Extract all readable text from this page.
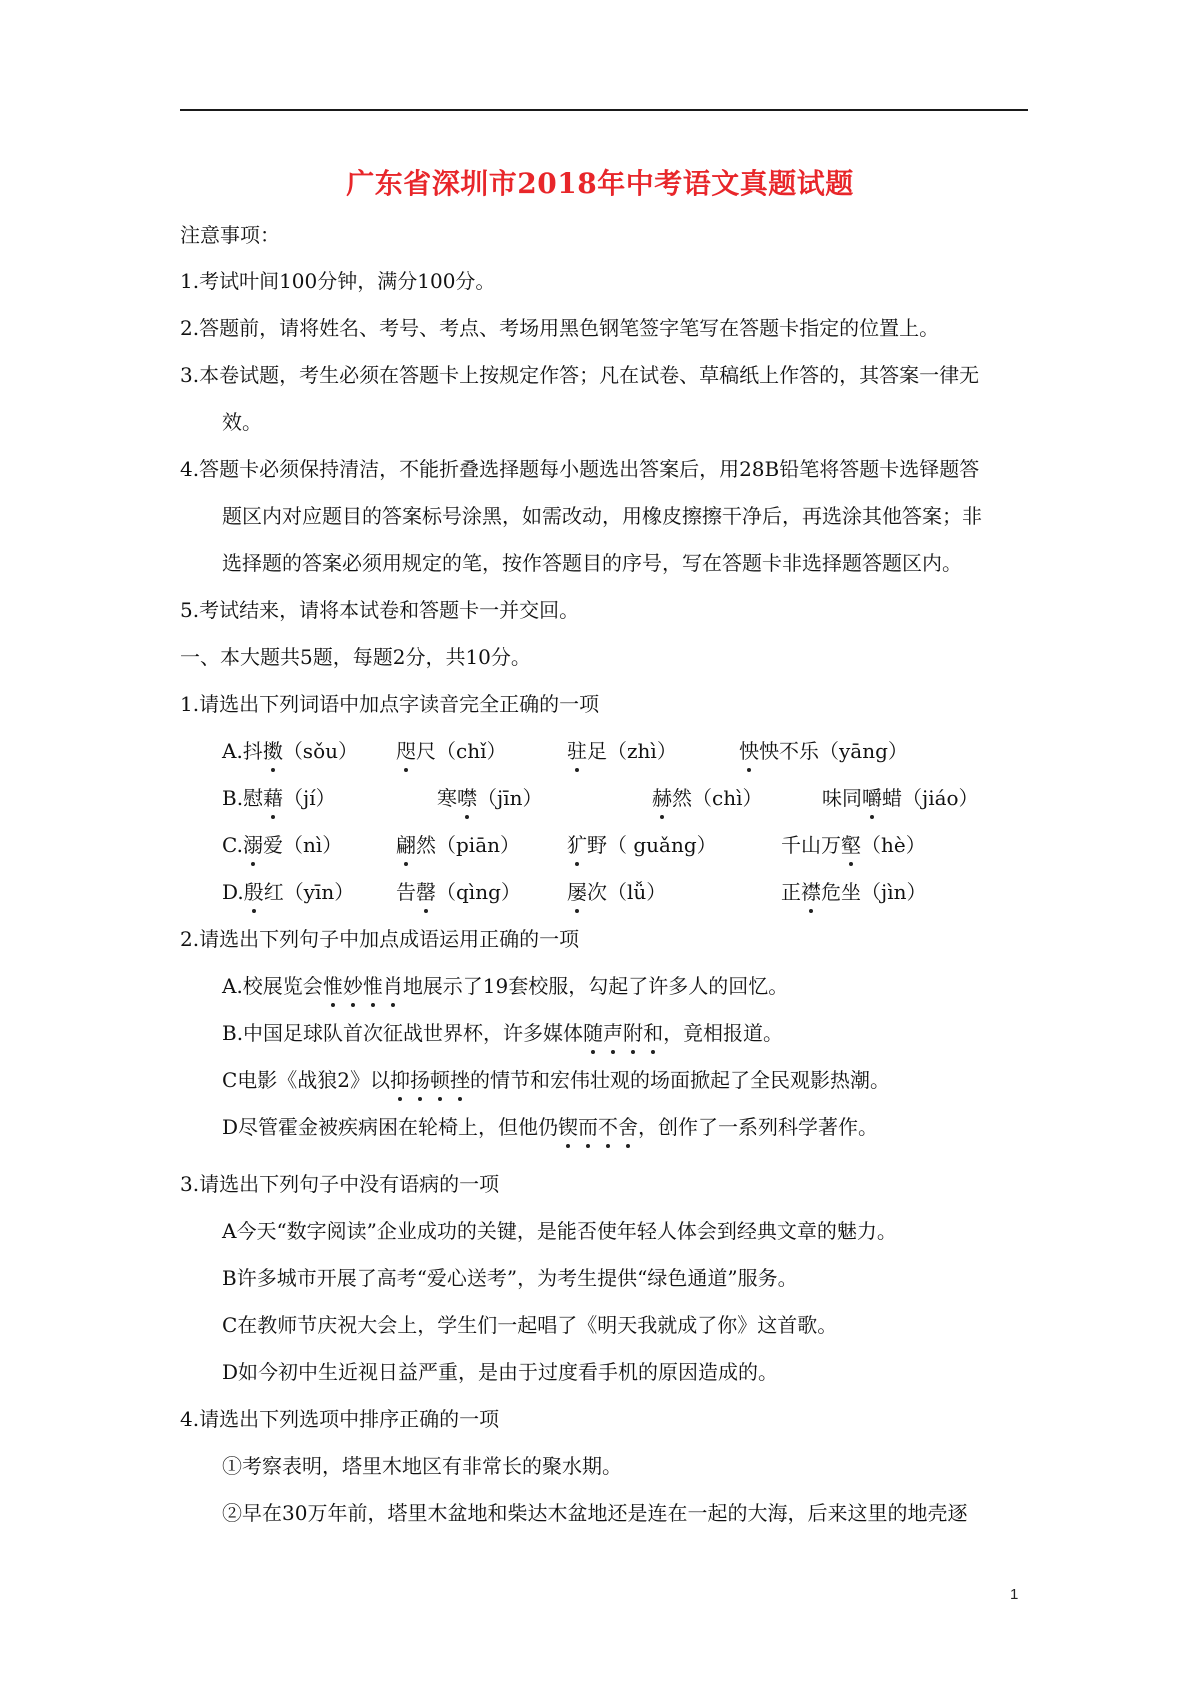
广东省深圳市2018年中考语文真题试题
注意事项：
1.考试叶间100分钟，满分100分。
2.答题前，请将姓名、考号、考点、考场用黑色钢笔签字笔写在答题卡指定的位置上。
3.本卷试题，考生必须在答题卡上按规定作答；凡在试卷、草稿纸上作答的，其答案一律无
效。
4.答题卡必须保持清洁，不能折叠选择题每小题选出答案后，用28B铅笔将答题卡选铎题答
题区内对应题目的答案标号涂黑，如需改动，用橡皮擦擦干净后，再选涂其他答案；非
选择题的答案必须用规定的笔，按作答题目的序号，写在答题卡非选择题答题区内。
5.考试结来，请将本试卷和答题卡一并交回。
一、本大题共5题，每题2分，共10分。
1.请选出下列词语中加点字读音完全正确的一项
A.抖擞（sǒu） 咫尺（chǐ）	驻足（zhì）	怏怏不乐（yāng）
B.慰藉（jí）	寒噤（jīn）	赫然（chì）	味同嚼蜡（jiáo）
C.溺爱（nì）	翩然（piān） 犷野（ guǎng）	千山万壑（hè）
D.殷红（yīn） 告罄（qìng） 屡次（lǚ）	正襟危坐（jìn）
2.请选出下列句子中加点成语运用正确的一项
A.校展览会惟妙惟肖地展示了19套校服，勾起了许多人的回忆。
B.中国足球队首次征战世界杯，许多媒体随声附和，竟相报道。
C电影《战狼2》以抑扬顿挫的情节和宏伟壮观的场面掀起了全民观影热潮。
D尽管霍金被疾病困在轮椅上，但他仍锲而不舍，创作了一系列科学著作。
3.请选出下列句子中没有语病的一项
A今天“数字阅读”企业成功的关键，是能否使年轻人体会到经典文章的魅力。
B许多城市开展了高考“爱心送考”，为考生提供“绿色通道”服务。
C在教师节庆祝大会上，学生们一起唱了《明天我就成了你》这首歌。
D如今初中生近视日益严重，是由于过度看手机的原因造成的。
4.请选出下列选项中排序正确的一项
①考察表明，塔里木地区有非常长的聚水期。
②早在30万年前，塔里木盆地和柴达木盆地还是连在一起的大海，后来这里的地壳逐
1
